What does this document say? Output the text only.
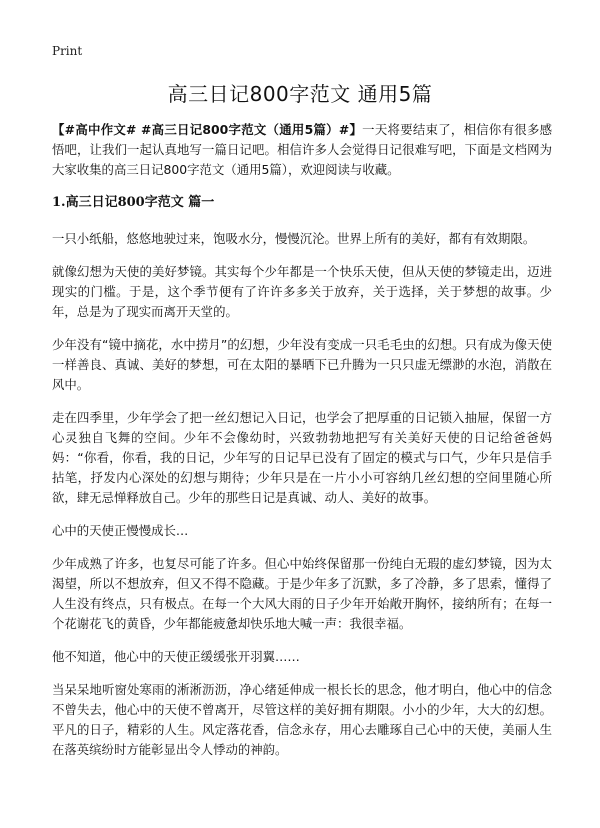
Print
高三日记800字范文 通用5篇

【#高中作文# #高三日记800字范文（通用5篇）#】一天将要结束了，相信你有很多感悟吧，让我们一起认真地写一篇日记吧。相信许多人会觉得日记很难写吧，下面是文档网为大家收集的高三日记800字范文（通用5篇），欢迎阅读与收藏。

1.高三日记800字范文 篇一

一只小纸船，悠悠地驶过来，饱吸水分，慢慢沉沦。世界上所有的美好，都有有效期限。

就像幻想为天使的美好梦镜。其实每个少年都是一个快乐天使，但从天使的梦镜走出，迈进现实的门槛。于是，这个季节便有了许许多多关于放弃，关于选择，关于梦想的故事。少年，总是为了现实而离开天堂的。

少年没有“镜中摘花，水中捞月”的幻想，少年没有变成一只毛毛虫的幻想。只有成为像天使一样善良、真诚、美好的梦想，可在太阳的暴晒下已升腾为一只只虚无缥渺的水泡，消散在风中。

走在四季里，少年学会了把一丝幻想记入日记，也学会了把厚重的日记锁入抽屉，保留一方心灵独自飞舞的空间。少年不会像幼时，兴致勃勃地把写有关美好天使的日记给爸爸妈妈：“你看，你看，我的日记，少年写的日记早已没有了固定的模式与口气，少年只是信手拈笔，抒发内心深处的幻想与期待；少年只是在一片小小可容纳几丝幻想的空间里随心所欲，肆无忌惮释放自己。少年的那些日记是真诚、动人、美好的故事。

心中的天使正慢慢成长…

少年成熟了许多，也复尽可能了许多。但心中始终保留那一份纯白无瑕的虚幻梦镜，因为太渴望，所以不想放弃，但又不得不隐藏。于是少年多了沉默，多了冷静，多了思索，懂得了人生没有终点，只有极点。在每一个大风大雨的日子少年开始敞开胸怀，接纳所有；在每一个花谢花飞的黄昏，少年都能疲惫却快乐地大喊一声：我很幸福。

他不知道，他心中的天使正缓缓张开羽翼……

当呆呆地听窗处寒雨的淅淅沥沥，净心绪延伸成一根长长的思念，他才明白，他心中的信念不曾失去，他心中的天使不曾离开，尽管这样的美好拥有期限。小小的少年，大大的幻想。平凡的日子，精彩的人生。风定落花香，信念永存，用心去雕琢自己心中的天使，美丽人生在落英缤纷时方能彰显出令人悸动的神韵。
